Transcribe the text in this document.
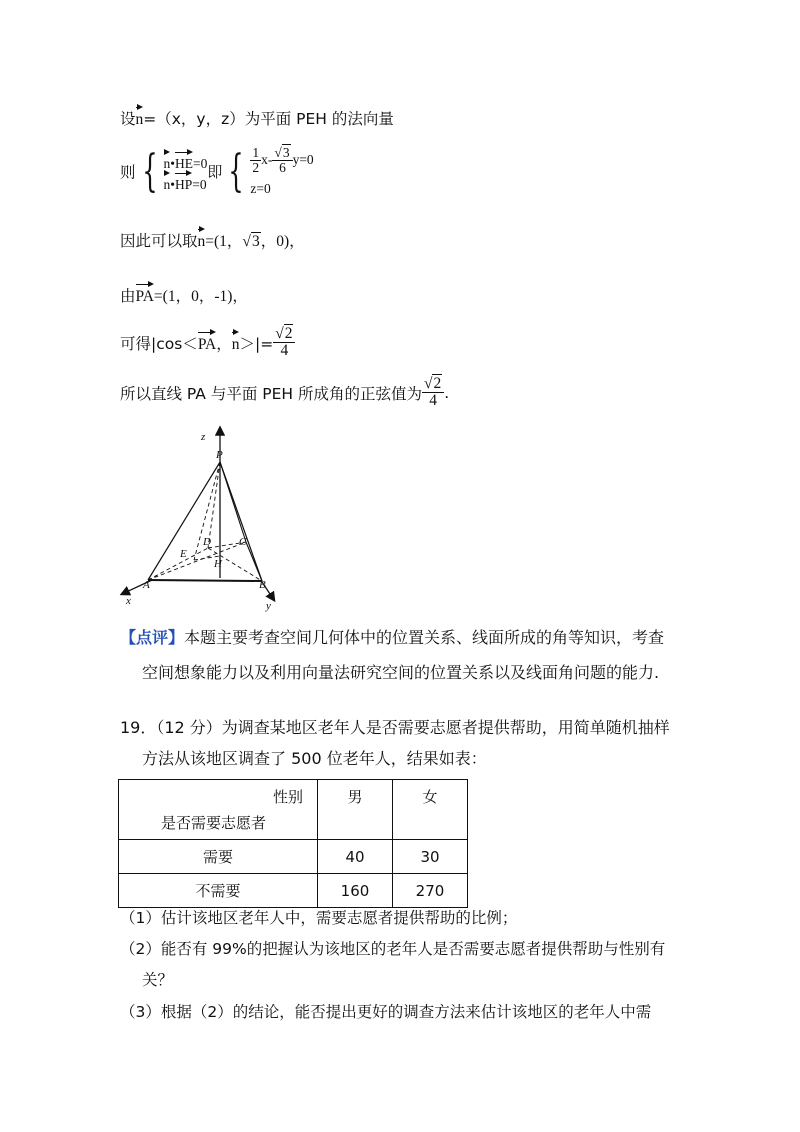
设n=（x，y，z）为平面 PEH 的法向量
则 { n•HE=0
n•HP=0
即 { $\frac{1}{2} x- \frac{√3}{6} y=0$
z=0
因此可以取n=(1，√3，0)，
由PA=(1，0，-1)，
可得|cos＜PA，$n>|= \frac{√2}{4}$
所以直线 PA 与平面 PEH 所成角的正弦值为 $\frac{√2}{4}$ .
z
P
D	C
E
H
A	B
x	y
【点评】本题主要考查空间几何体中的位置关系、线面所成的角等知识，考查
空间想象能力以及利用向量法研究空间的位置关系以及线面角问题的能力.
19．（12 分）为调查某地区老年人是否需要志愿者提供帮助，用简单随机抽样
方法从该地区调查了 500 位老年人，结果如表：
性别
是否需要志愿者	男	女
需要	40	30
不需要	160	270
（1）估计该地区老年人中，需要志愿者提供帮助的比例；
（2）能否有 99%的把握认为该地区的老年人是否需要志愿者提供帮助与性别有
关？
（3）根据（2）的结论，能否提出更好的调查方法来估计该地区的老年人中需
